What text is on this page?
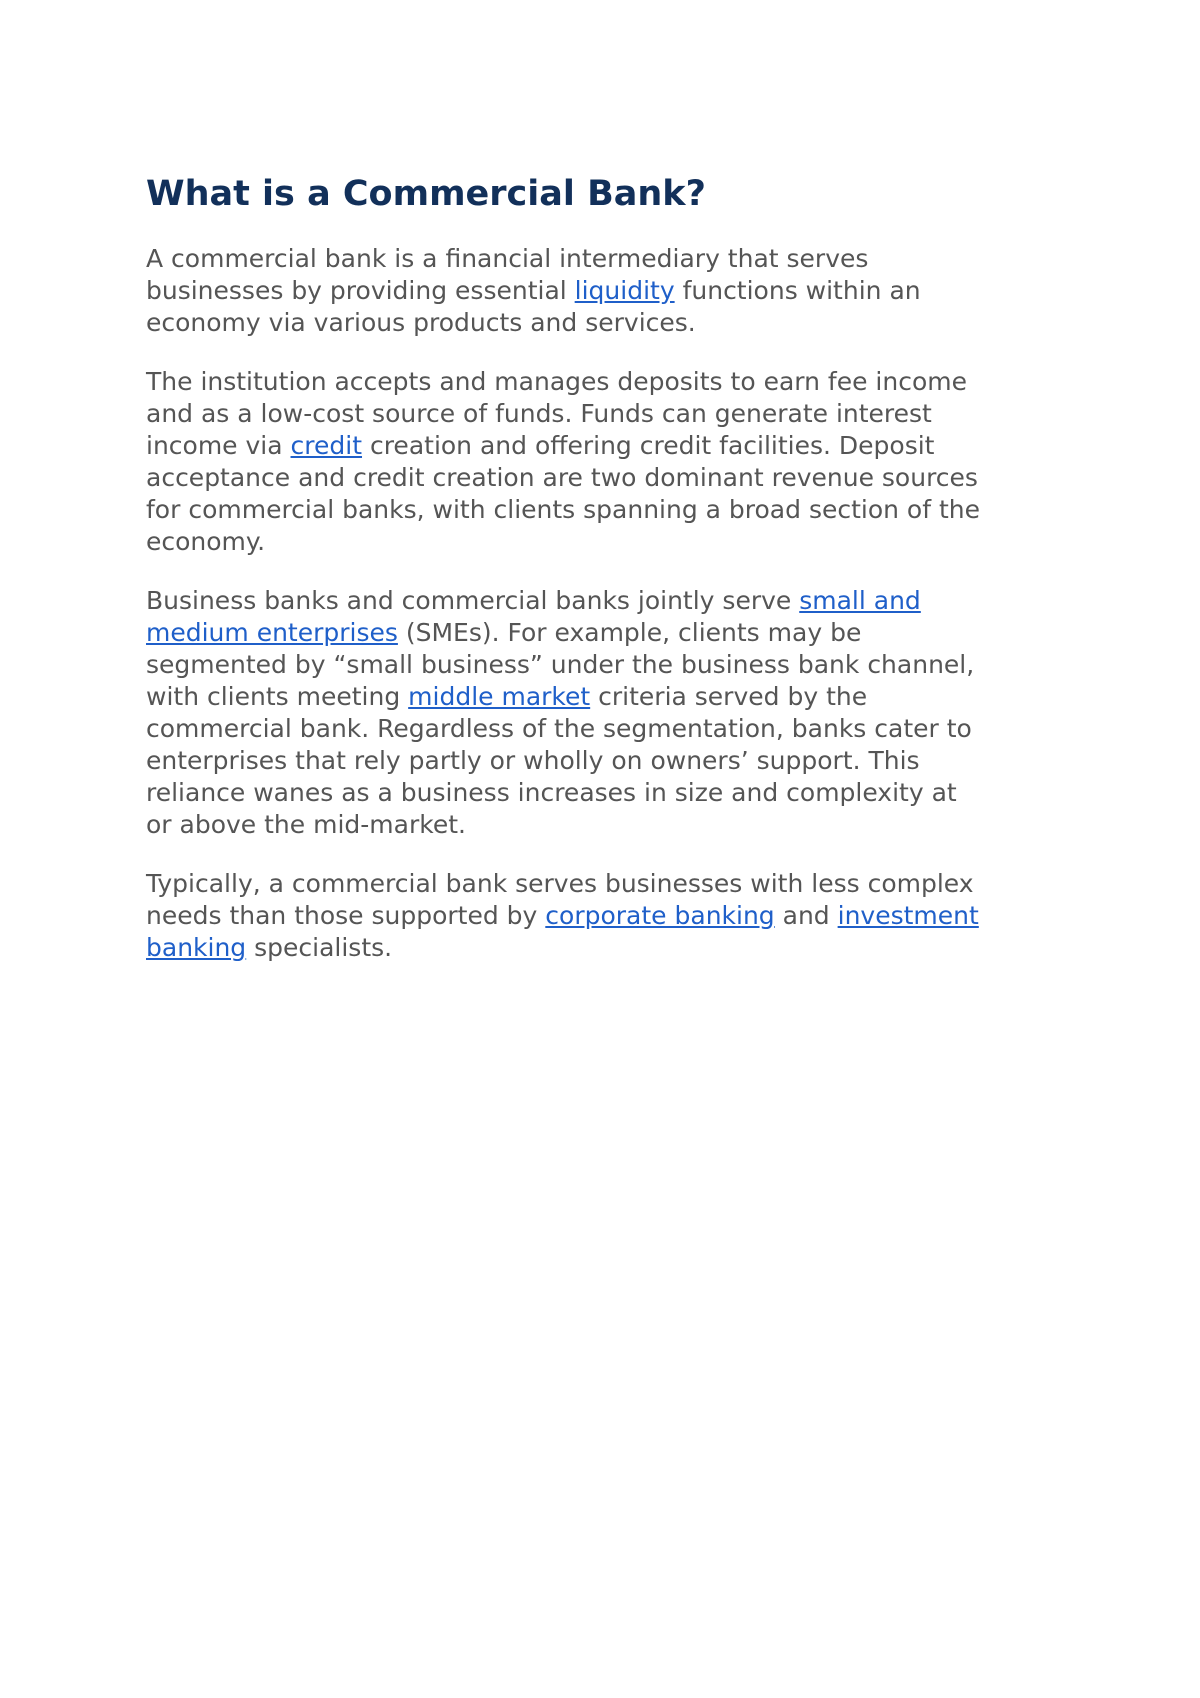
What is a Commercial Bank?

A commercial bank is a financial intermediary that serves
businesses by providing essential liquidity functions within an
economy via various products and services.

The institution accepts and manages deposits to earn fee income
and as a low-cost source of funds. Funds can generate interest
income via credit creation and offering credit facilities. Deposit
acceptance and credit creation are two dominant revenue sources
for commercial banks, with clients spanning a broad section of the
economy.

Business banks and commercial banks jointly serve small and
medium enterprises (SMEs). For example, clients may be
segmented by “small business” under the business bank channel,
with clients meeting middle market criteria served by the
commercial bank. Regardless of the segmentation, banks cater to
enterprises that rely partly or wholly on owners’ support. This
reliance wanes as a business increases in size and complexity at
or above the mid-market.

Typically, a commercial bank serves businesses with less complex
needs than those supported by corporate banking and investment
banking specialists.
